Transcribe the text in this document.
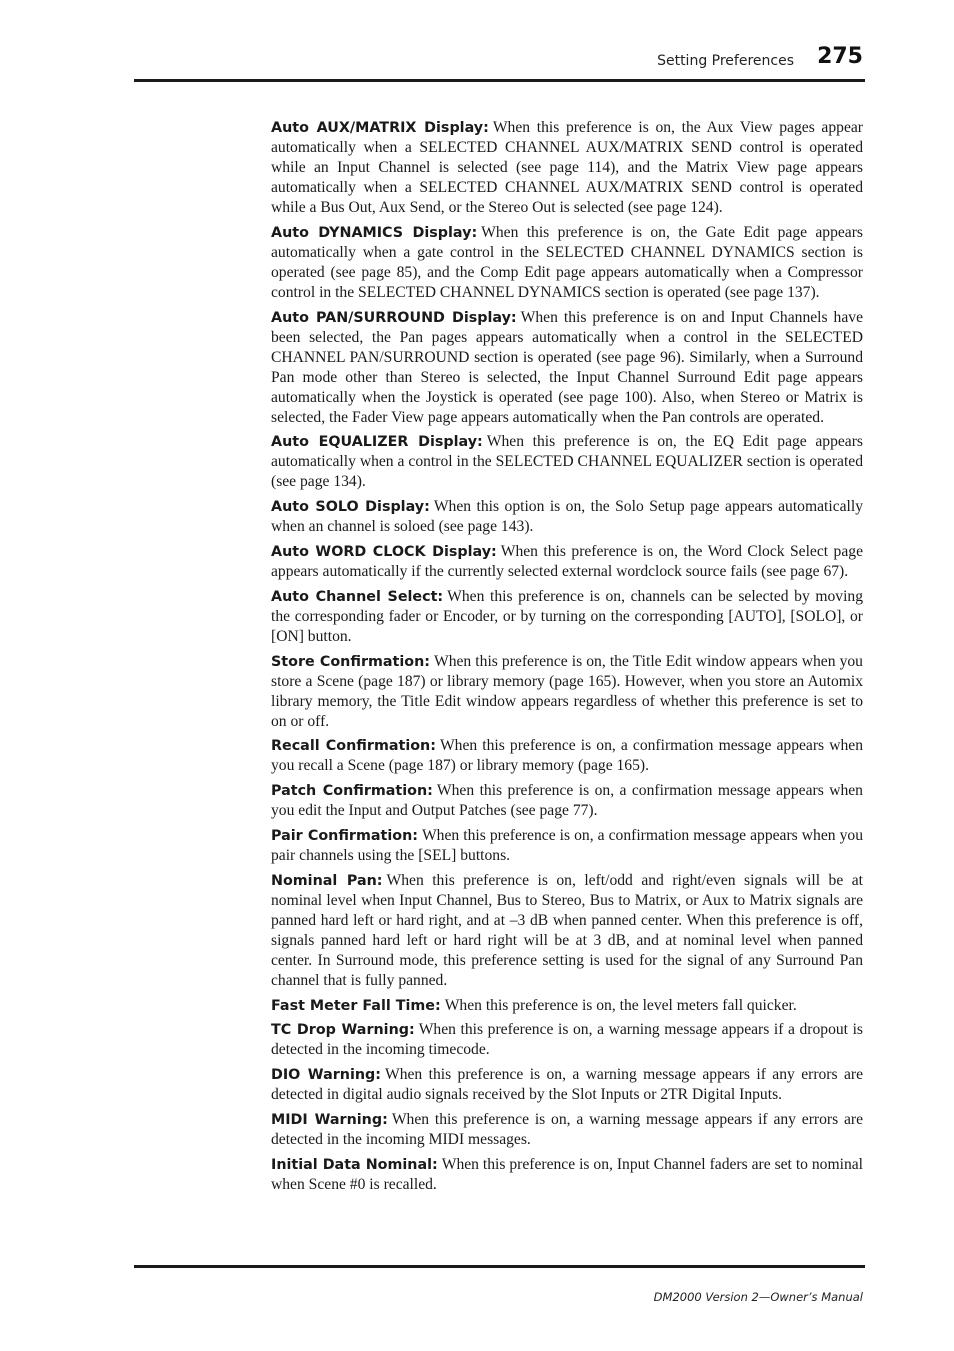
Setting Preferences 275

Auto AUX/MATRIX Display: When this preference is on, the Aux View pages appear automatically when a SELECTED CHANNEL AUX/MATRIX SEND control is operated while an Input Channel is selected (see page 114), and the Matrix View page appears automatically when a SELECTED CHANNEL AUX/MATRIX SEND control is operated while a Bus Out, Aux Send, or the Stereo Out is selected (see page 124).

Auto DYNAMICS Display: When this preference is on, the Gate Edit page appears automatically when a gate control in the SELECTED CHANNEL DYNAMICS section is operated (see page 85), and the Comp Edit page appears automatically when a Compressor control in the SELECTED CHANNEL DYNAMICS section is operated (see page 137).

Auto PAN/SURROUND Display: When this preference is on and Input Channels have been selected, the Pan pages appears automatically when a control in the SELECTED CHANNEL PAN/SURROUND section is operated (see page 96). Similarly, when a Surround Pan mode other than Stereo is selected, the Input Channel Surround Edit page appears automatically when the Joystick is operated (see page 100). Also, when Stereo or Matrix is selected, the Fader View page appears automatically when the Pan controls are operated.

Auto EQUALIZER Display: When this preference is on, the EQ Edit page appears automatically when a control in the SELECTED CHANNEL EQUALIZER section is operated (see page 134).

Auto SOLO Display: When this option is on, the Solo Setup page appears automatically when an channel is soloed (see page 143).

Auto WORD CLOCK Display: When this preference is on, the Word Clock Select page appears automatically if the currently selected external wordclock source fails (see page 67).

Auto Channel Select: When this preference is on, channels can be selected by moving the corresponding fader or Encoder, or by turning on the corresponding [AUTO], [SOLO], or [ON] button.

Store Confirmation: When this preference is on, the Title Edit window appears when you store a Scene (page 187) or library memory (page 165). However, when you store an Automix library memory, the Title Edit window appears regardless of whether this preference is set to on or off.

Recall Confirmation: When this preference is on, a confirmation message appears when you recall a Scene (page 187) or library memory (page 165).

Patch Confirmation: When this preference is on, a confirmation message appears when you edit the Input and Output Patches (see page 77).

Pair Confirmation: When this preference is on, a confirmation message appears when you pair channels using the [SEL] buttons.

Nominal Pan: When this preference is on, left/odd and right/even signals will be at nominal level when Input Channel, Bus to Stereo, Bus to Matrix, or Aux to Matrix signals are panned hard left or hard right, and at –3 dB when panned center. When this preference is off, signals panned hard left or hard right will be at 3 dB, and at nominal level when panned center. In Surround mode, this preference setting is used for the signal of any Surround Pan channel that is fully panned.

Fast Meter Fall Time: When this preference is on, the level meters fall quicker.

TC Drop Warning: When this preference is on, a warning message appears if a dropout is detected in the incoming timecode.

DIO Warning: When this preference is on, a warning message appears if any errors are detected in digital audio signals received by the Slot Inputs or 2TR Digital Inputs.

MIDI Warning: When this preference is on, a warning message appears if any errors are detected in the incoming MIDI messages.

Initial Data Nominal: When this preference is on, Input Channel faders are set to nominal when Scene #0 is recalled.

DM2000 Version 2—Owner’s Manual
